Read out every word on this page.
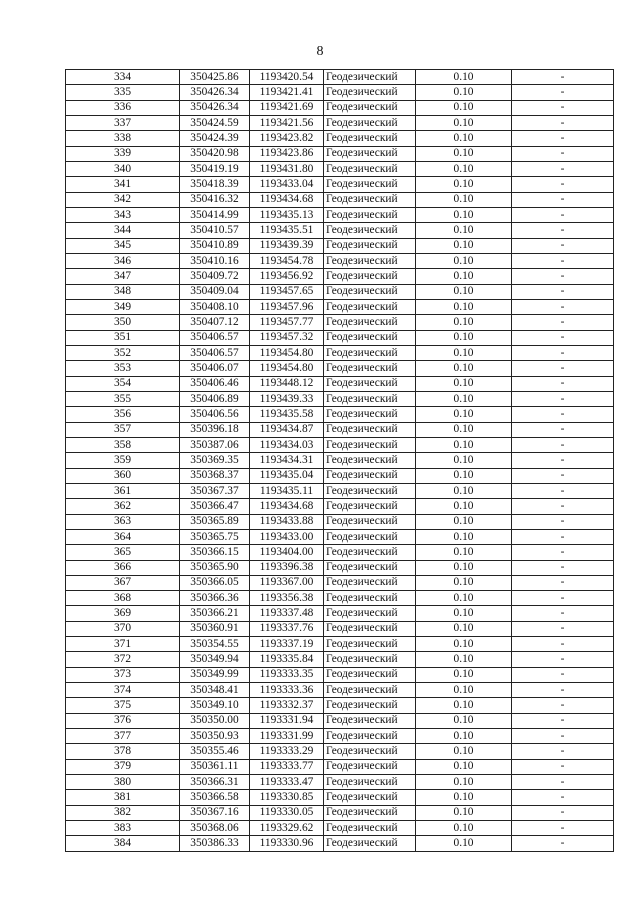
8
334	350425.86	1193420.54	Геодезический	0.10	-
335	350426.34	1193421.41	Геодезический	0.10	-
336	350426.34	1193421.69	Геодезический	0.10	-
337	350424.59	1193421.56	Геодезический	0.10	-
338	350424.39	1193423.82	Геодезический	0.10	-
339	350420.98	1193423.86	Геодезический	0.10	-
340	350419.19	1193431.80	Геодезический	0.10	-
341	350418.39	1193433.04	Геодезический	0.10	-
342	350416.32	1193434.68	Геодезический	0.10	-
343	350414.99	1193435.13	Геодезический	0.10	-
344	350410.57	1193435.51	Геодезический	0.10	-
345	350410.89	1193439.39	Геодезический	0.10	-
346	350410.16	1193454.78	Геодезический	0.10	-
347	350409.72	1193456.92	Геодезический	0.10	-
348	350409.04	1193457.65	Геодезический	0.10	-
349	350408.10	1193457.96	Геодезический	0.10	-
350	350407.12	1193457.77	Геодезический	0.10	-
351	350406.57	1193457.32	Геодезический	0.10	-
352	350406.57	1193454.80	Геодезический	0.10	-
353	350406.07	1193454.80	Геодезический	0.10	-
354	350406.46	1193448.12	Геодезический	0.10	-
355	350406.89	1193439.33	Геодезический	0.10	-
356	350406.56	1193435.58	Геодезический	0.10	-
357	350396.18	1193434.87	Геодезический	0.10	-
358	350387.06	1193434.03	Геодезический	0.10	-
359	350369.35	1193434.31	Геодезический	0.10	-
360	350368.37	1193435.04	Геодезический	0.10	-
361	350367.37	1193435.11	Геодезический	0.10	-
362	350366.47	1193434.68	Геодезический	0.10	-
363	350365.89	1193433.88	Геодезический	0.10	-
364	350365.75	1193433.00	Геодезический	0.10	-
365	350366.15	1193404.00	Геодезический	0.10	-
366	350365.90	1193396.38	Геодезический	0.10	-
367	350366.05	1193367.00	Геодезический	0.10	-
368	350366.36	1193356.38	Геодезический	0.10	-
369	350366.21	1193337.48	Геодезический	0.10	-
370	350360.91	1193337.76	Геодезический	0.10	-
371	350354.55	1193337.19	Геодезический	0.10	-
372	350349.94	1193335.84	Геодезический	0.10	-
373	350349.99	1193333.35	Геодезический	0.10	-
374	350348.41	1193333.36	Геодезический	0.10	-
375	350349.10	1193332.37	Геодезический	0.10	-
376	350350.00	1193331.94	Геодезический	0.10	-
377	350350.93	1193331.99	Геодезический	0.10	-
378	350355.46	1193333.29	Геодезический	0.10	-
379	350361.11	1193333.77	Геодезический	0.10	-
380	350366.31	1193333.47	Геодезический	0.10	-
381	350366.58	1193330.85	Геодезический	0.10	-
382	350367.16	1193330.05	Геодезический	0.10	-
383	350368.06	1193329.62	Геодезический	0.10	-
384	350386.33	1193330.96	Геодезический	0.10	-
